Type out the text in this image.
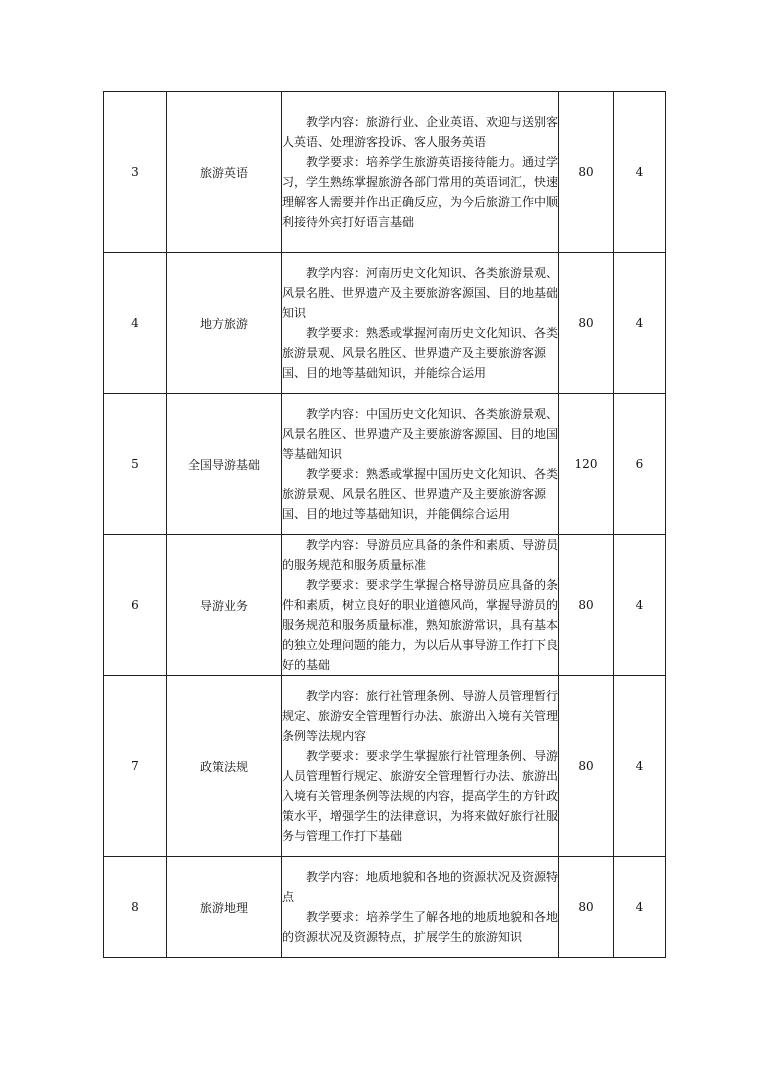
3	旅游英语	教学内容：旅游行业、企业英语、欢迎与送别客人英语、处理游客投诉、客人服务英语

教学要求：培养学生旅游英语接待能力。通过学习，学生熟练掌握旅游各部门常用的英语词汇，快速理解客人需要并作出正确反应，为今后旅游工作中顺利接待外宾打好语言基础	80	4
4	地方旅游	教学内容：河南历史文化知识、各类旅游景观、风景名胜、世界遗产及主要旅游客源国、目的地基础知识

教学要求：熟悉或掌握河南历史文化知识、各类旅游景观、风景名胜区、世界遗产及主要旅游客源国、目的地等基础知识，并能综合运用	80	4
5	全国导游基础	教学内容：中国历史文化知识、各类旅游景观、风景名胜区、世界遗产及主要旅游客源国、目的地国等基础知识

教学要求：熟悉或掌握中国历史文化知识、各类旅游景观、风景名胜区、世界遗产及主要旅游客源国、目的地过等基础知识，并能偶综合运用	120	6
6	导游业务	教学内容：导游员应具备的条件和素质、导游员的服务规范和服务质量标准

教学要求：要求学生掌握合格导游员应具备的条件和素质，树立良好的职业道德风尚，掌握导游员的服务规范和服务质量标准，熟知旅游常识，具有基本的独立处理问题的能力，为以后从事导游工作打下良好的基础	80	4
7	政策法规	教学内容：旅行社管理条例、导游人员管理暂行规定、旅游安全管理暂行办法、旅游出入境有关管理条例等法规内容

教学要求：要求学生掌握旅行社管理条例、导游人员管理暂行规定、旅游安全管理暂行办法、旅游出入境有关管理条例等法规的内容，提高学生的方针政策水平，增强学生的法律意识，为将来做好旅行社服务与管理工作打下基础	80	4
8	旅游地理	教学内容：地质地貌和各地的资源状况及资源特点

教学要求：培养学生了解各地的地质地貌和各地的资源状况及资源特点，扩展学生的旅游知识	80	4
